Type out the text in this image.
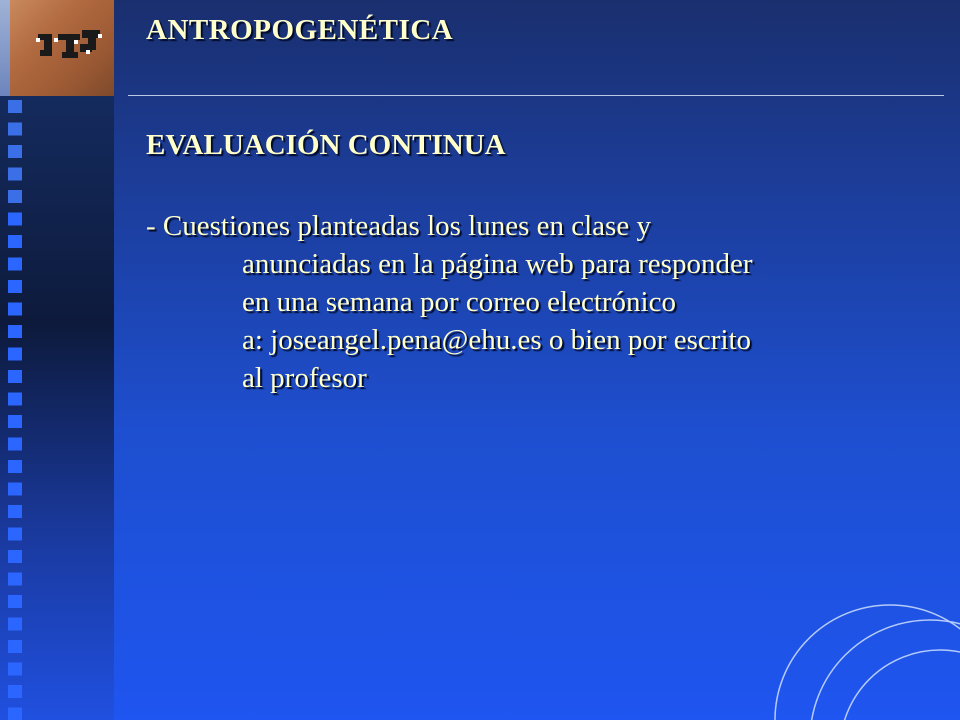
ANTROPOGENÉTICA
EVALUACIÓN CONTINUA

- Cuestiones planteadas los lunes en clase y
anunciadas en la página web para responder
en una semana por correo electrónico
a: joseangel.pena@ehu.es o bien por escrito
al profesor
